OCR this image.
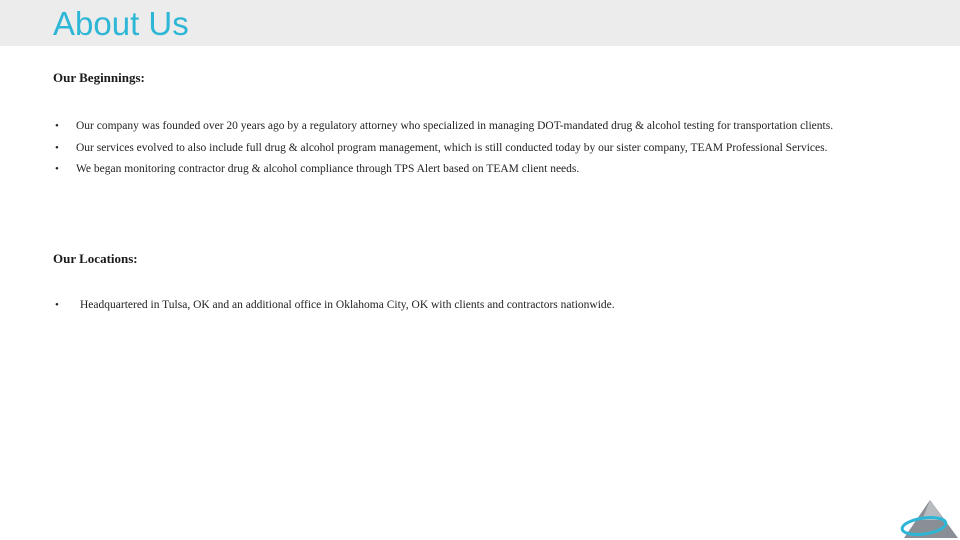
About Us
Our Beginnings:
• Our company was founded over 20 years ago by a regulatory attorney who specialized in managing DOT-mandated drug & alcohol testing for transportation clients.
• Our services evolved to also include full drug & alcohol program management, which is still conducted today by our sister company, TEAM Professional Services.
• We began monitoring contractor drug & alcohol compliance through TPS Alert based on TEAM client needs.
Our Locations:
• Headquartered in Tulsa, OK and an additional office in Oklahoma City, OK with clients and contractors nationwide.
